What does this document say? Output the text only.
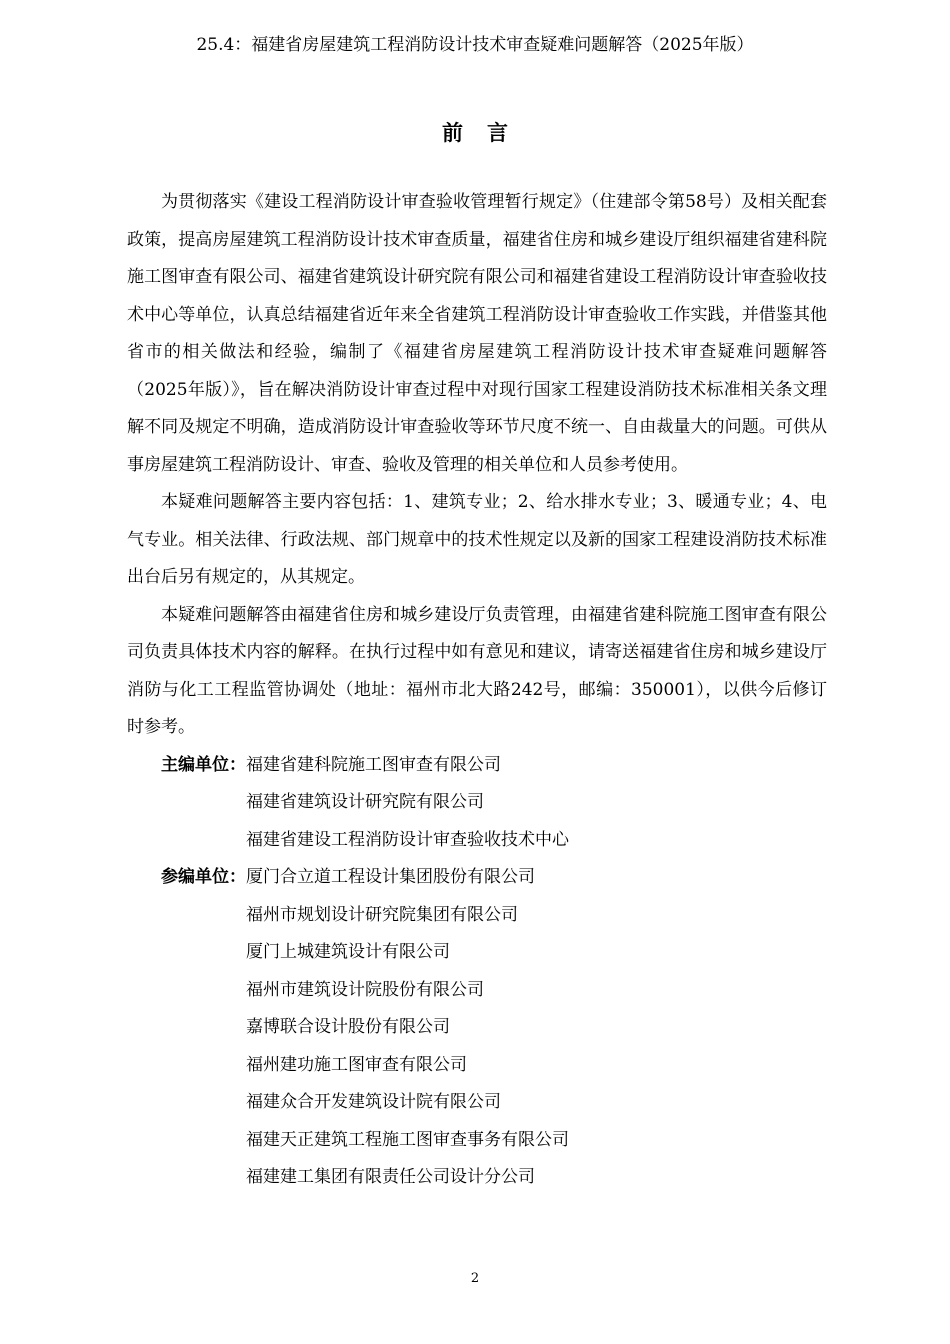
25.4：福建省房屋建筑工程消防设计技术审查疑难问题解答（2025年版）
前言

为贯彻落实《建设工程消防设计审查验收管理暂行规定》（住建部令第58号）及相关配套政策，提高房屋建筑工程消防设计技术审查质量，福建省住房和城乡建设厅组织福建省建科院施工图审查有限公司、福建省建筑设计研究院有限公司和福建省建设工程消防设计审查验收技术中心等单位，认真总结福建省近年来全省建筑工程消防设计审查验收工作实践，并借鉴其他省市的相关做法和经验，编制了《福建省房屋建筑工程消防设计技术审查疑难问题解答（2025年版）》，旨在解决消防设计审查过程中对现行国家工程建设消防技术标准相关条文理解不同及规定不明确，造成消防设计审查验收等环节尺度不统一、自由裁量大的问题。可供从事房屋建筑工程消防设计、审查、验收及管理的相关单位和人员参考使用。

本疑难问题解答主要内容包括：1、建筑专业；2、给水排水专业；3、暖通专业；4、电气专业。相关法律、行政法规、部门规章中的技术性规定以及新的国家工程建设消防技术标准出台后另有规定的，从其规定。

本疑难问题解答由福建省住房和城乡建设厅负责管理，由福建省建科院施工图审查有限公司负责具体技术内容的解释。在执行过程中如有意见和建议，请寄送福建省住房和城乡建设厅消防与化工工程监管协调处（地址：福州市北大路242号，邮编：350001），以供今后修订时参考。

主编单位： 福建省建科院施工图审查有限公司
福建省建筑设计研究院有限公司
福建省建设工程消防设计审查验收技术中心
参编单位： 厦门合立道工程设计集团股份有限公司
福州市规划设计研究院集团有限公司
厦门上城建筑设计有限公司
福州市建筑设计院股份有限公司
嘉博联合设计股份有限公司
福州建功施工图审查有限公司
福建众合开发建筑设计院有限公司
福建天正建筑工程施工图审查事务有限公司
福建建工集团有限责任公司设计分公司
2
